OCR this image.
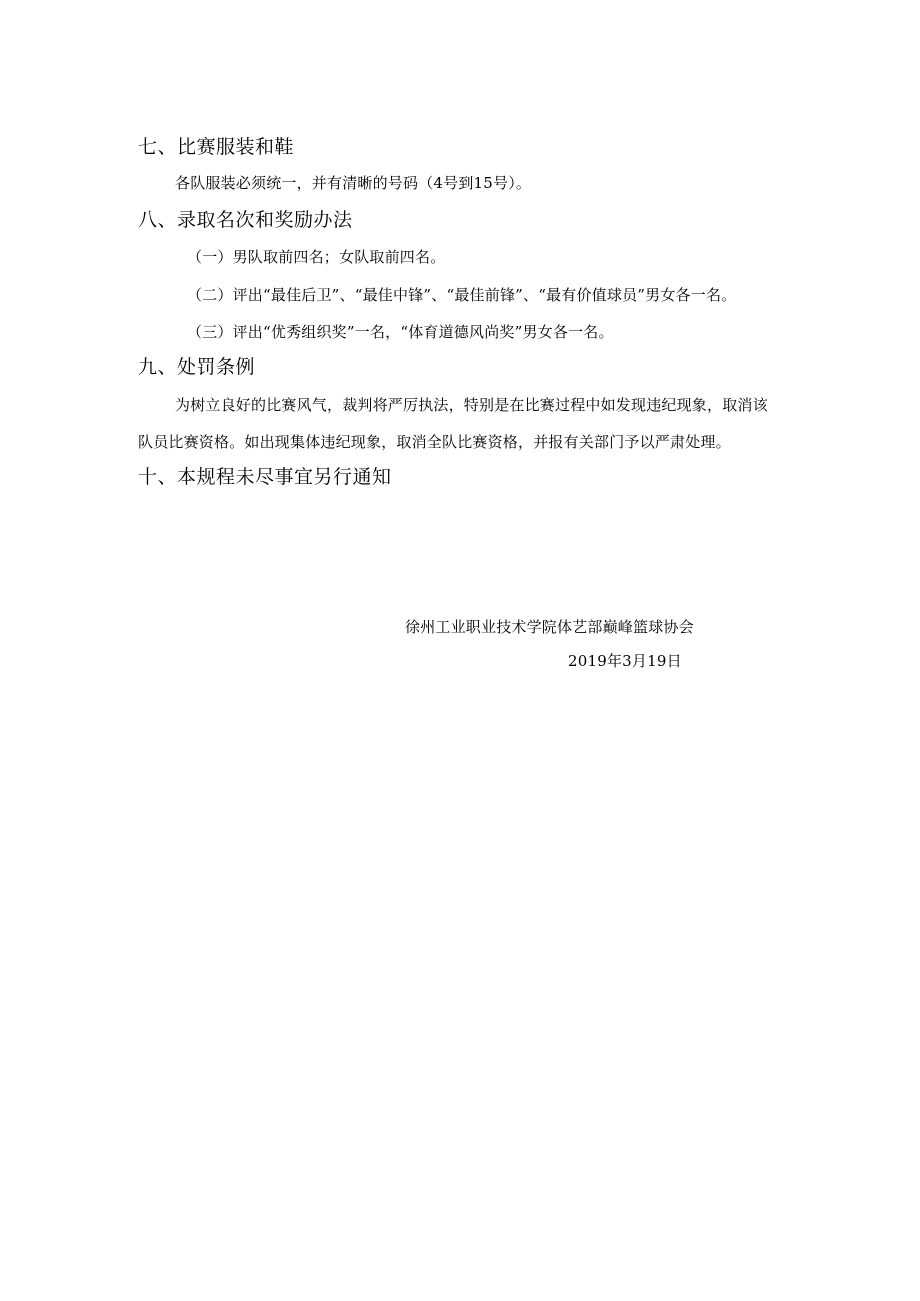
七、比赛服装和鞋
各队服装必须统一，并有清晰的号码（4号到15号）。
八、录取名次和奖励办法
（一）男队取前四名；女队取前四名。
（二）评出“最佳后卫”、“最佳中锋”、“最佳前锋”、“最有价值球员”男女各一名。
（三）评出“优秀组织奖”一名，“体育道德风尚奖”男女各一名。
九、处罚条例
为树立良好的比赛风气，裁判将严厉执法，特别是在比赛过程中如发现违纪现象，取消该
队员比赛资格。如出现集体违纪现象，取消全队比赛资格，并报有关部门予以严肃处理。
十、本规程未尽事宜另行通知
徐州工业职业技术学院体艺部巅峰篮球协会
2019年3月19日
